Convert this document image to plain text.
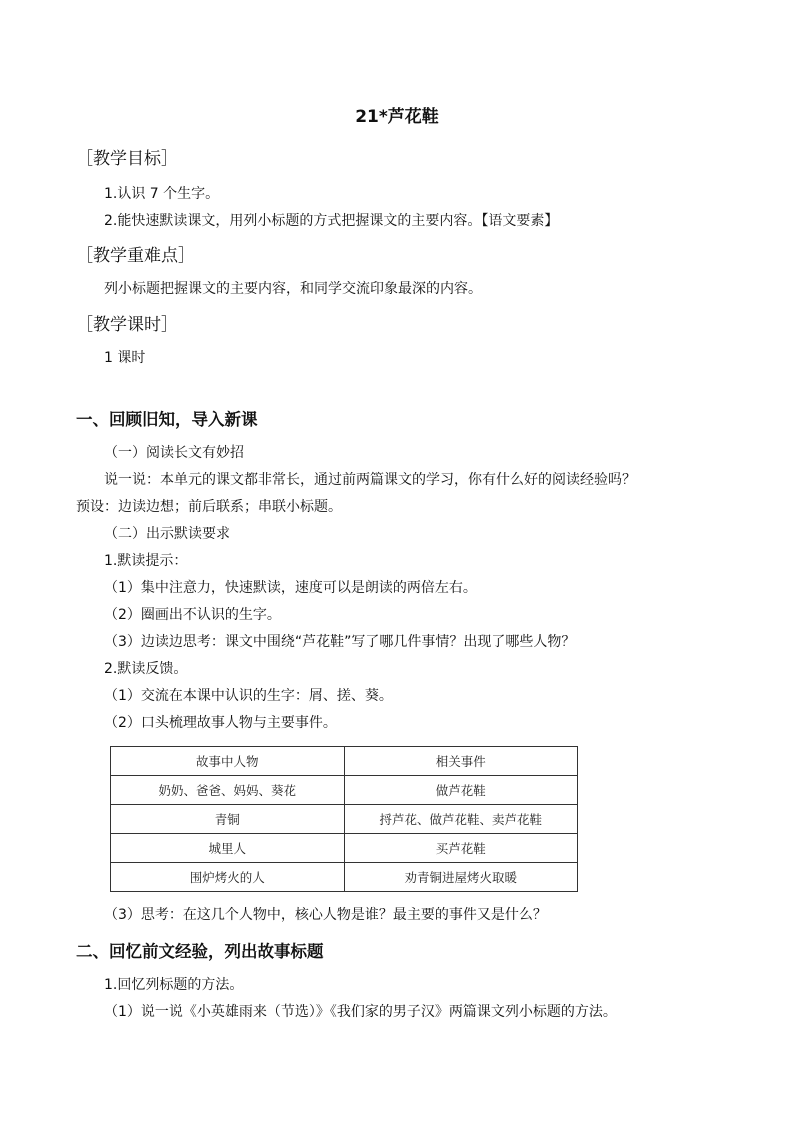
21*芦花鞋
［教学目标］
1.认识 7 个生字。
2.能快速默读课文，用列小标题的方式把握课文的主要内容。【语文要素】
［教学重难点］
列小标题把握课文的主要内容，和同学交流印象最深的内容。
［教学课时］
1 课时
一、回顾旧知，导入新课
（一）阅读长文有妙招
说一说：本单元的课文都非常长，通过前两篇课文的学习，你有什么好的阅读经验吗？
预设：边读边想；前后联系；串联小标题。
（二）出示默读要求
1.默读提示：
（1）集中注意力，快速默读，速度可以是朗读的两倍左右。
（2）圈画出不认识的生字。
（3）边读边思考：课文中围绕“芦花鞋”写了哪几件事情？出现了哪些人物？
2.默读反馈。
（1）交流在本课中认识的生字：屑、搓、葵。
（2）口头梳理故事人物与主要事件。
故事中人物	相关事件
奶奶、爸爸、妈妈、葵花	做芦花鞋
青铜	捋芦花、做芦花鞋、卖芦花鞋
城里人	买芦花鞋
围炉烤火的人	劝青铜进屋烤火取暖
（3）思考：在这几个人物中，核心人物是谁？最主要的事件又是什么？
二、回忆前文经验，列出故事标题
1.回忆列标题的方法。
（1）说一说《小英雄雨来（节选）》《我们家的男子汉》两篇课文列小标题的方法。
